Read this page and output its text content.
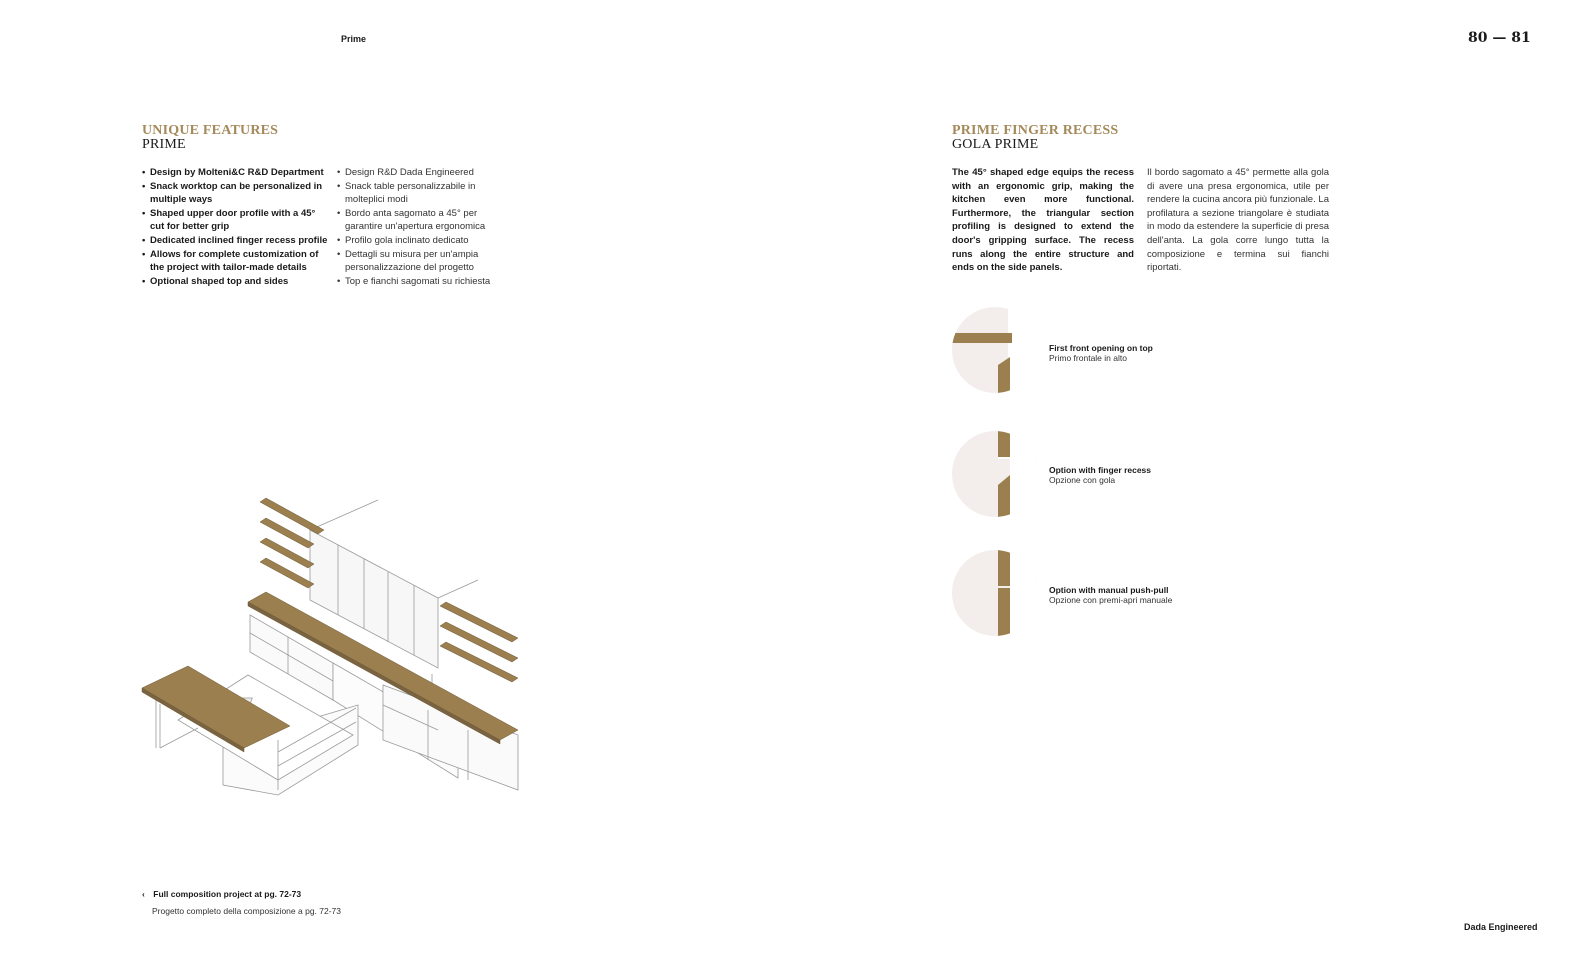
Prime	80 — 81
UNIQUE FEATURES
PRIME
• Design by Molteni&C R&D Department
• Snack worktop can be personalized in multiple ways
• Shaped upper door profile with a 45° cut for better grip
• Dedicated inclined finger recess profile
• Allows for complete customization of the project with tailor-made details
• Optional shaped top and sides
• Design R&D Dada Engineered
• Snack table personalizzabile in molteplici modi
• Bordo anta sagomato a 45° per garantire un'apertura ergonomica
• Profilo gola inclinato dedicato
• Dettagli su misura per un'ampia personalizzazione del progetto
• Top e fianchi sagomati su richiesta
‹ Full composition project at pg. 72-73
Progetto completo della composizione a pg. 72-73
PRIME FINGER RECESS
GOLA PRIME
The 45° shaped edge equips the recess with an ergonomic grip, making the kitchen even more functional. Furthermore, the triangular section profiling is designed to extend the door's gripping surface. The recess runs along the entire structure and ends on the side panels.
Il bordo sagomato a 45° permette alla gola di avere una presa ergonomica, utile per rendere la cucina ancora più funzionale. La profilatura a sezione triangolare è studiata in modo da estendere la superficie di presa dell'anta. La gola corre lungo tutta la composizione e termina sui fianchi riportati.
First front opening on top
Primo frontale in alto
Option with finger recess
Opzione con gola
Option with manual push-pull
Opzione con premi-apri manuale
Dada Engineered
